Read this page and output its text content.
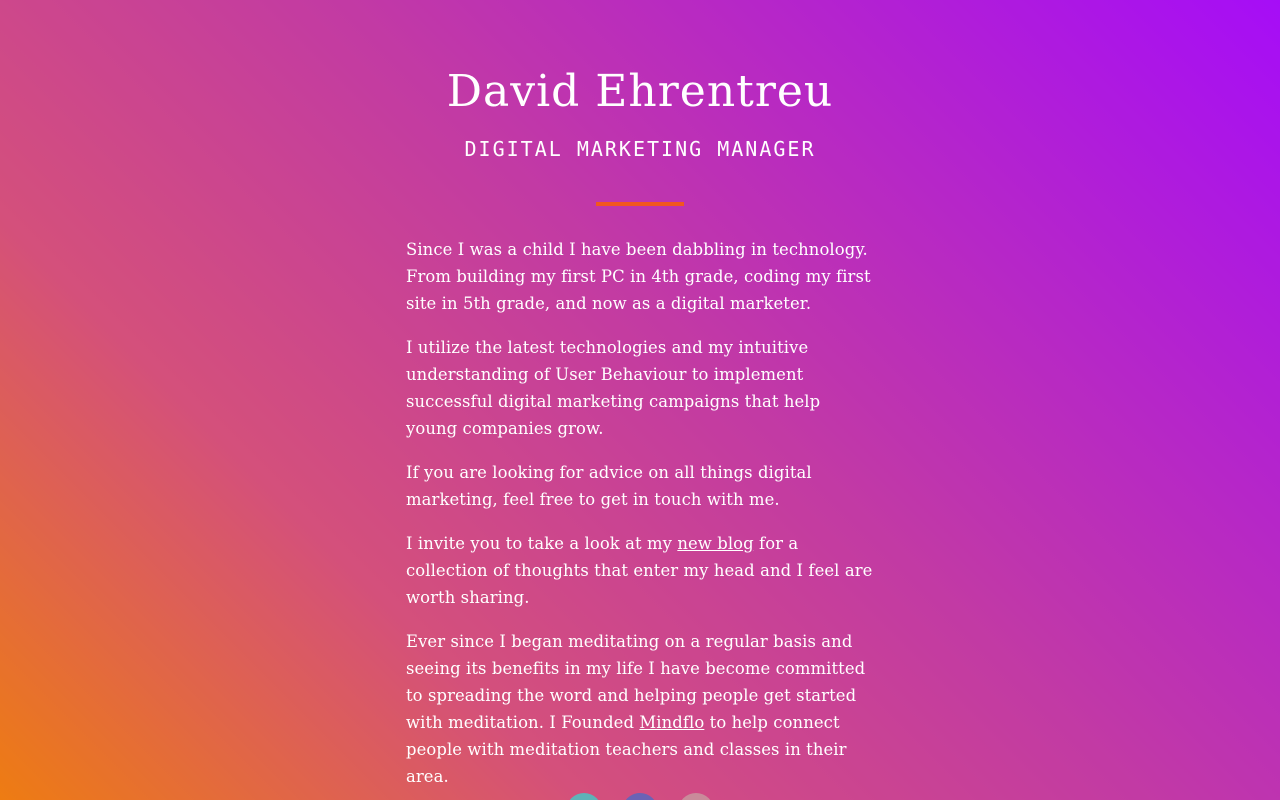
David Ehrentreu
DIGITAL MARKETING MANAGER

Since I was a child I have been dabbling in technology. From building my first PC in 4th grade, coding my first site in 5th grade, and now as a digital marketer.

I utilize the latest technologies and my intuitive understanding of User Behaviour to implement successful digital marketing campaigns that help young companies grow.

If you are looking for advice on all things digital marketing, feel free to get in touch with me.

I invite you to take a look at my new blog for a collection of thoughts that enter my head and I feel are worth sharing.

Ever since I began meditating on a regular basis and seeing its benefits in my life I have become committed to spreading the word and helping people get started with meditation. I Founded Mindflo to help connect people with meditation teachers and classes in their area.
